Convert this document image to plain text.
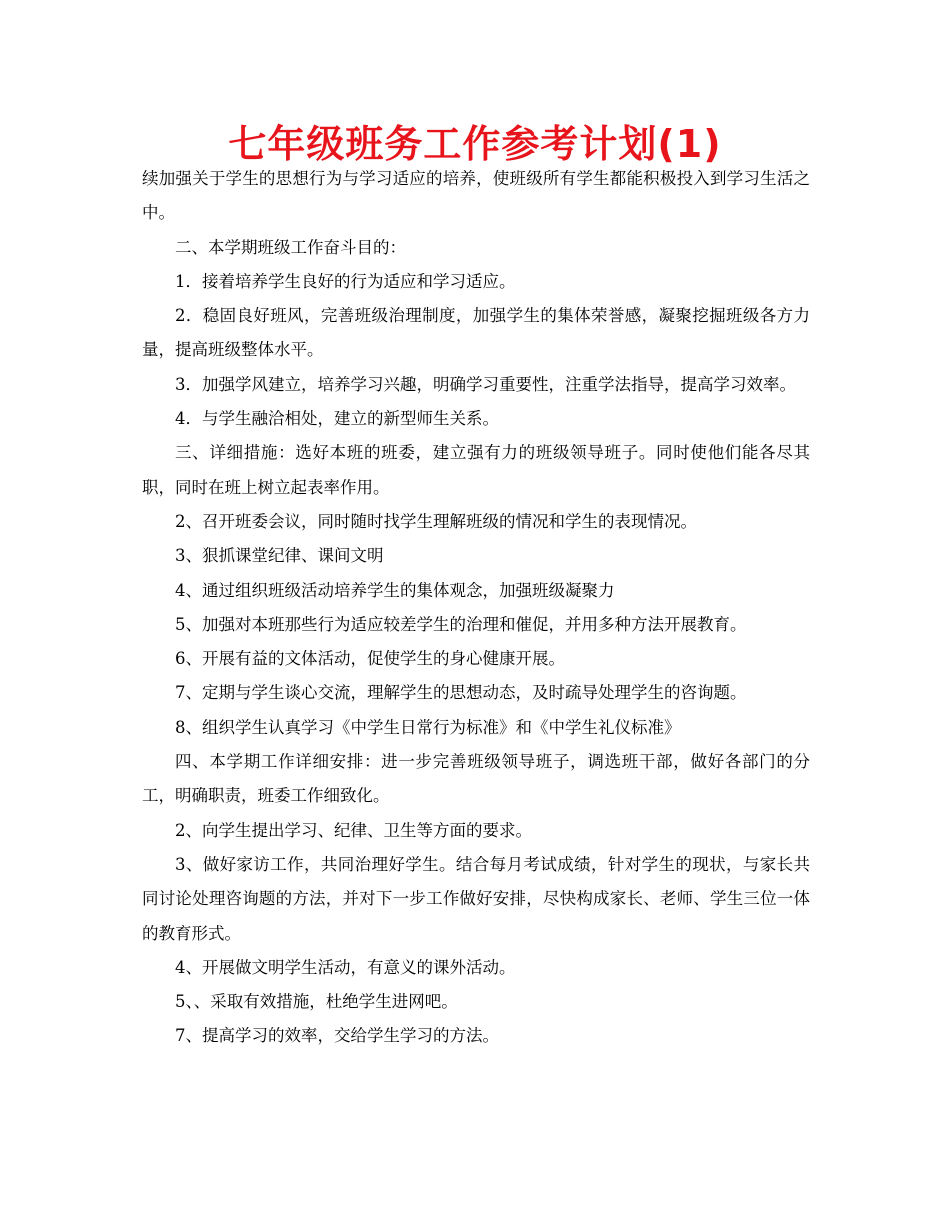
七年级班务工作参考计划(1)

续加强关于学生的思想行为与学习适应的培养，使班级所有学生都能积极投入到学习生活之中。

二、本学期班级工作奋斗目的：

1．接着培养学生良好的行为适应和学习适应。

2．稳固良好班风，完善班级治理制度，加强学生的集体荣誉感，凝聚挖掘班级各方力量，提高班级整体水平。

3．加强学风建立，培养学习兴趣，明确学习重要性，注重学法指导，提高学习效率。

4．与学生融洽相处，建立的新型师生关系。

三、详细措施：选好本班的班委，建立强有力的班级领导班子。同时使他们能各尽其职，同时在班上树立起表率作用。

2、召开班委会议，同时随时找学生理解班级的情况和学生的表现情况。

3、狠抓课堂纪律、课间文明

4、通过组织班级活动培养学生的集体观念，加强班级凝聚力

5、加强对本班那些行为适应较差学生的治理和催促，并用多种方法开展教育。

6、开展有益的文体活动，促使学生的身心健康开展。

7、定期与学生谈心交流，理解学生的思想动态，及时疏导处理学生的咨询题。

8、组织学生认真学习《中学生日常行为标准》和《中学生礼仪标准》

四、本学期工作详细安排：进一步完善班级领导班子，调选班干部，做好各部门的分工，明确职责，班委工作细致化。

2、向学生提出学习、纪律、卫生等方面的要求。

3、做好家访工作，共同治理好学生。结合每月考试成绩，针对学生的现状，与家长共同讨论处理咨询题的方法，并对下一步工作做好安排，尽快构成家长、老师、学生三位一体的教育形式。

4、开展做文明学生活动，有意义的课外活动。

5、、采取有效措施，杜绝学生进网吧。

7、提高学习的效率，交给学生学习的方法。
